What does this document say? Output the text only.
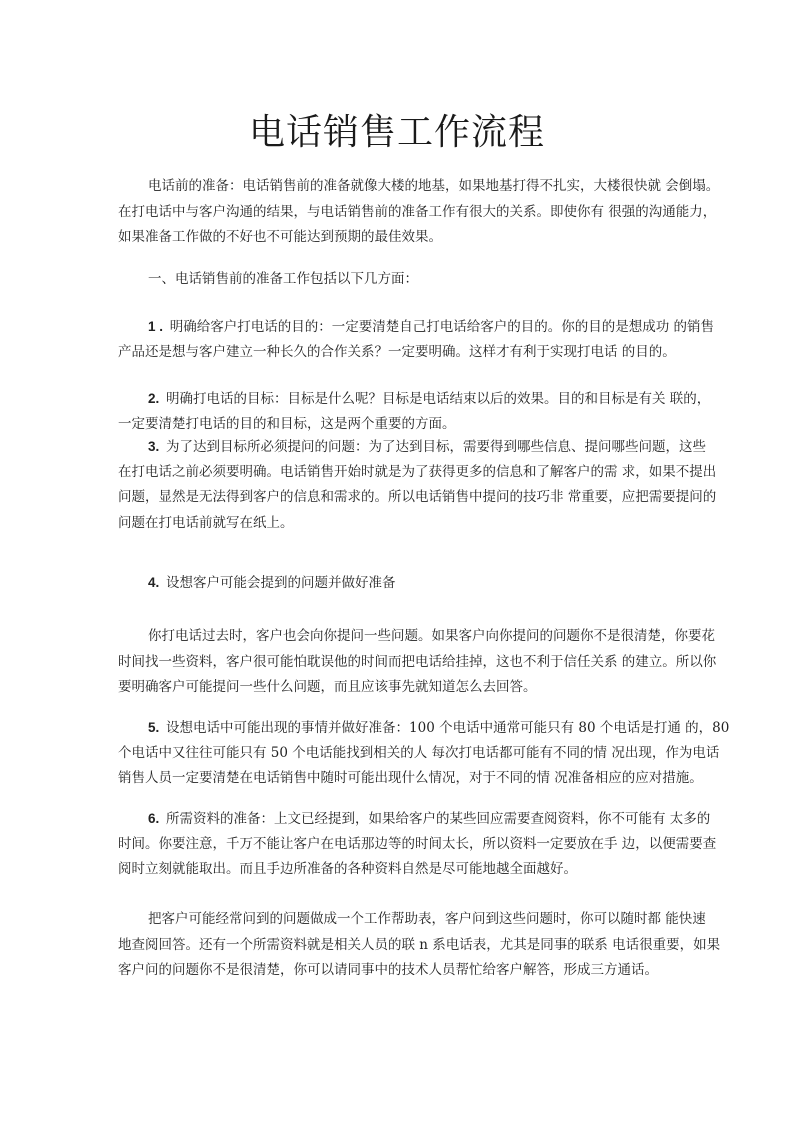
电话销售工作流程
电话前的准备：电话销售前的准备就像大楼的地基，如果地基打得不扎实，大楼很快就 会倒塌。
在打电话中与客户沟通的结果，与电话销售前的准备工作有很大的关系。即使你有 很强的沟通能力，
如果准备工作做的不好也不可能达到预期的最佳效果。
一、电话销售前的准备工作包括以下几方面：
1 .  明确给客户打电话的目的：一定要清楚自己打电话给客户的目的。你的目的是想成功 的销售
产品还是想与客户建立一种长久的合作关系？一定要明确。这样才有利于实现打电话 的目的。
2.  明确打电话的目标：目标是什么呢？目标是电话结束以后的效果。目的和目标是有关 联的，
一定要清楚打电话的目的和目标，这是两个重要的方面。
3.  为了达到目标所必须提问的问题：为了达到目标，需要得到哪些信息、提问哪些问题，这些
在打电话之前必须要明确。电话销售开始时就是为了获得更多的信息和了解客户的需 求，如果不提出
问题，显然是无法得到客户的信息和需求的。所以电话销售中提问的技巧非 常重要，应把需要提问的
问题在打电话前就写在纸上。
4.  设想客户可能会提到的问题并做好准备
你打电话过去时，客户也会向你提问一些问题。如果客户向你提问的问题你不是很清楚，你要花
时间找一些资料，客户很可能怕耽误他的时间而把电话给挂掉，这也不利于信任关系 的建立。所以你
要明确客户可能提问一些什么问题，而且应该事先就知道怎么去回答。
5.  设想电话中可能出现的事情并做好准备：100 个电话中通常可能只有 80 个电话是打通 的，80
个电话中又往往可能只有 50 个电话能找到相关的人 每次打电话都可能有不同的情 况出现，作为电话
销售人员一定要清楚在电话销售中随时可能出现什么情况，对于不同的情 况准备相应的应对措施。
6.  所需资料的准备：上文已经提到，如果给客户的某些回应需要查阅资料，你不可能有 太多的
时间。你要注意，千万不能让客户在电话那边等的时间太长，所以资料一定要放在手 边，以便需要查
阅时立刻就能取出。而且手边所准备的各种资料自然是尽可能地越全面越好。
把客户可能经常问到的问题做成一个工作帮助表，客户问到这些问题时，你可以随时都 能快速
地查阅回答。还有一个所需资料就是相关人员的联 n 系电话表，尤其是同事的联系 电话很重要，如果
客户问的问题你不是很清楚，你可以请同事中的技术人员帮忙给客户解答，形成三方通话。
